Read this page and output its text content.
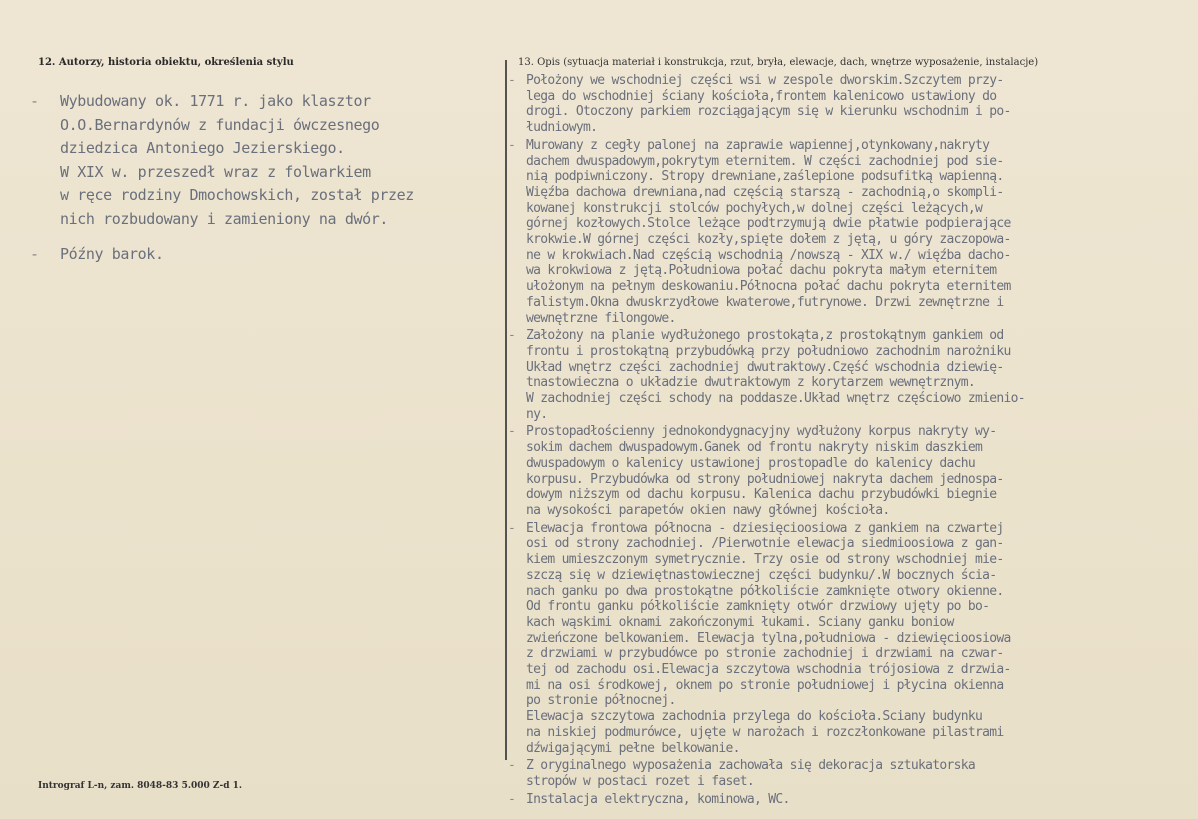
12. Autorzy, historia obiektu, określenia stylu	13. Opis (sytuacja materiał i konstrukcja, rzut, bryła, elewacje, dach, wnętrze wyposażenie, instalacje)
- Wybudowany ok. 1771 r. jako klasztor
O.O.Bernardynów z fundacji ówczesnego
dziedzica Antoniego Jezierskiego.
W XIX w. przeszedł wraz z folwarkiem
w ręce rodziny Dmochowskich, został przez
nich rozbudowany i zamieniony na dwór.
- Późny barok.
- Położony we wschodniej części wsi w zespole dworskim.Szczytem przy-
lega do wschodniej ściany kościoła,frontem kalenicowo ustawiony do
drogi. Otoczony parkiem rozciągającym się w kierunku wschodnim i po-
łudniowym.
- Murowany z cegły palonej na zaprawie wapiennej,otynkowany,nakryty
dachem dwuspadowym,pokrytym eternitem. W części zachodniej pod sie-
nią podpiwniczony. Stropy drewniane,zaślepione podsufitką wapienną.
Więźba dachowa drewniana,nad częścią starszą - zachodnią,o skompli-
kowanej konstrukcji stolców pochyłych,w dolnej części leżących,w
górnej kozłowych.Stolce leżące podtrzymują dwie płatwie podpierające
krokwie.W górnej części kozły,spięte dołem z jętą, u góry zaczopowa-
ne w krokwiach.Nad częścią wschodnią /nowszą - XIX w./ więźba dacho-
wa krokwiowa z jętą.Południowa połać dachu pokryta małym eternitem
ułożonym na pełnym deskowaniu.Północna połać dachu pokryta eternitem
falistym.Okna dwuskrzydłowe kwaterowe,futrynowe. Drzwi zewnętrzne i
wewnętrzne filongowe.
- Założony na planie wydłużonego prostokąta,z prostokątnym gankiem od
frontu i prostokątną przybudówką przy południowo zachodnim narożniku
Układ wnętrz części zachodniej dwutraktowy.Część wschodnia dziewię-
tnastowieczna o układzie dwutraktowym z korytarzem wewnętrznym.
W zachodniej części schody na poddasze.Układ wnętrz częściowo zmienio-
ny.
- Prostopadłościenny jednokondygnacyjny wydłużony korpus nakryty wy-
sokim dachem dwuspadowym.Ganek od frontu nakryty niskim daszkiem
dwuspadowym o kalenicy ustawionej prostopadle do kalenicy dachu
korpusu. Przybudówka od strony południowej nakryta dachem jednospa-
dowym niższym od dachu korpusu. Kalenica dachu przybudówki biegnie
na wysokości parapetów okien nawy głównej kościoła.
- Elewacja frontowa północna - dziesięcioosiowa z gankiem na czwartej
osi od strony zachodniej. /Pierwotnie elewacja siedmioosiowa z gan-
kiem umieszczonym symetrycznie. Trzy osie od strony wschodniej mie-
szczą się w dziewiętnastowiecznej części budynku/.W bocznych ścia-
nach ganku po dwa prostokątne półkoliście zamknięte otwory okienne.
Od frontu ganku półkoliście zamknięty otwór drzwiowy ujęty po bo-
kach wąskimi oknami zakończonymi łukami. Ściany ganku boniow
zwieńczone belkowaniem. Elewacja tylna,południowa - dziewięcioosiowa
z drzwiami w przybudówce po stronie zachodniej i drzwiami na czwar-
tej od zachodu osi.Elewacja szczytowa wschodnia trójosiowa z drzwia-
mi na osi środkowej, oknem po stronie południowej i płycina okienna
po stronie północnej.
Elewacja szczytowa zachodnia przylega do kościoła.Ściany budynku
na niskiej podmurówce, ujęte w narożach i rozczłonkowane pilastrami
dźwigającymi pełne belkowanie.
- Z oryginalnego wyposażenia zachowała się dekoracja sztukatorska
stropów w postaci rozet i faset.
- Instalacja elektryczna, kominowa, WC.
Intrograf L-n, zam. 8048-83 5.000 Z-d 1.
